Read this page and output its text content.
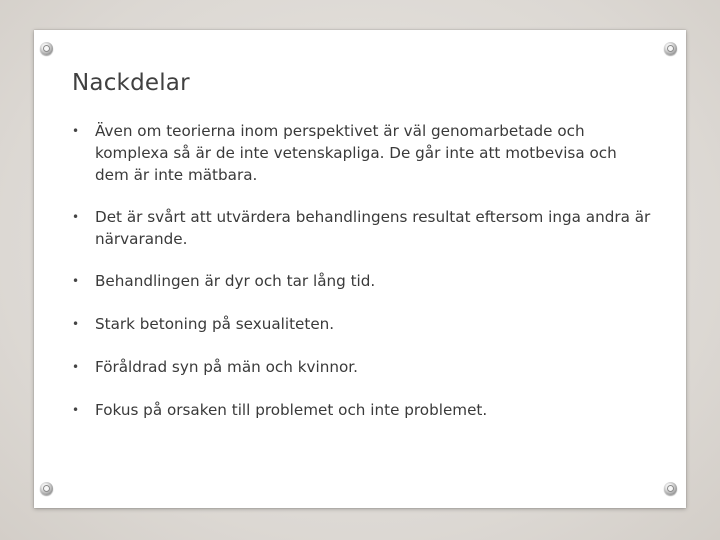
Nackdelar
• Även om teorierna inom perspektivet är väl genomarbetade och komplexa så är de inte vetenskapliga. De går inte att motbevisa och dem är inte mätbara.
• Det är svårt att utvärdera behandlingens resultat eftersom inga andra är närvarande.
• Behandlingen är dyr och tar lång tid.
• Stark betoning på sexualiteten.
• Föråldrad syn på män och kvinnor.
• Fokus på orsaken till problemet och inte problemet.
